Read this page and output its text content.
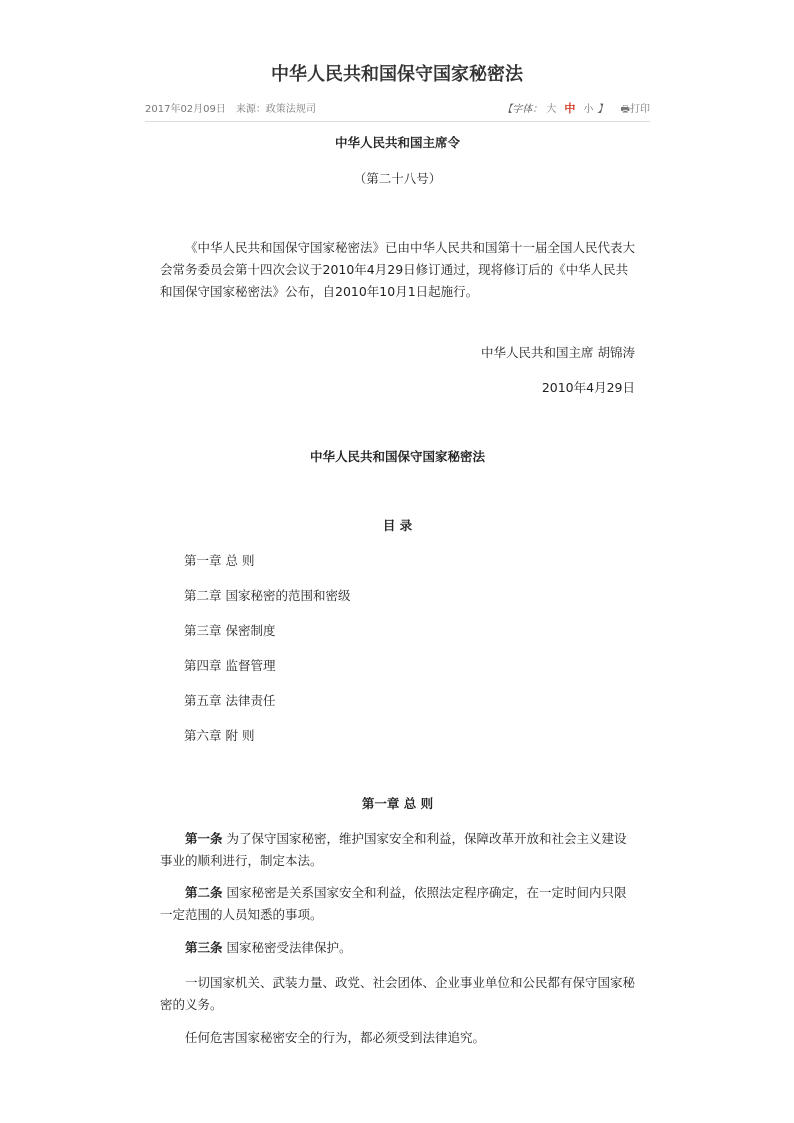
中华人民共和国保守国家秘密法
2017年02月09日 来源：政策法规司	【字体： 大 中 小 】 🖶打印

中华人民共和国主席令

（第二十八号）

《中华人民共和国保守国家秘密法》已由中华人民共和国第十一届全国人民代表大会常务委员会第十四次会议于2010年4月29日修订通过，现将修订后的《中华人民共和国保守国家秘密法》公布，自2010年10月1日起施行。

中华人民共和国主席 胡锦涛

2010年4月29日

中华人民共和国保守国家秘密法

目 录

第一章 总 则

第二章 国家秘密的范围和密级

第三章 保密制度

第四章 监督管理

第五章 法律责任

第六章 附 则

第一章 总 则

第一条 为了保守国家秘密，维护国家安全和利益，保障改革开放和社会主义建设事业的顺利进行，制定本法。

第二条 国家秘密是关系国家安全和利益，依照法定程序确定，在一定时间内只限一定范围的人员知悉的事项。

第三条 国家秘密受法律保护。

一切国家机关、武装力量、政党、社会团体、企业事业单位和公民都有保守国家秘密的义务。

任何危害国家秘密安全的行为，都必须受到法律追究。
